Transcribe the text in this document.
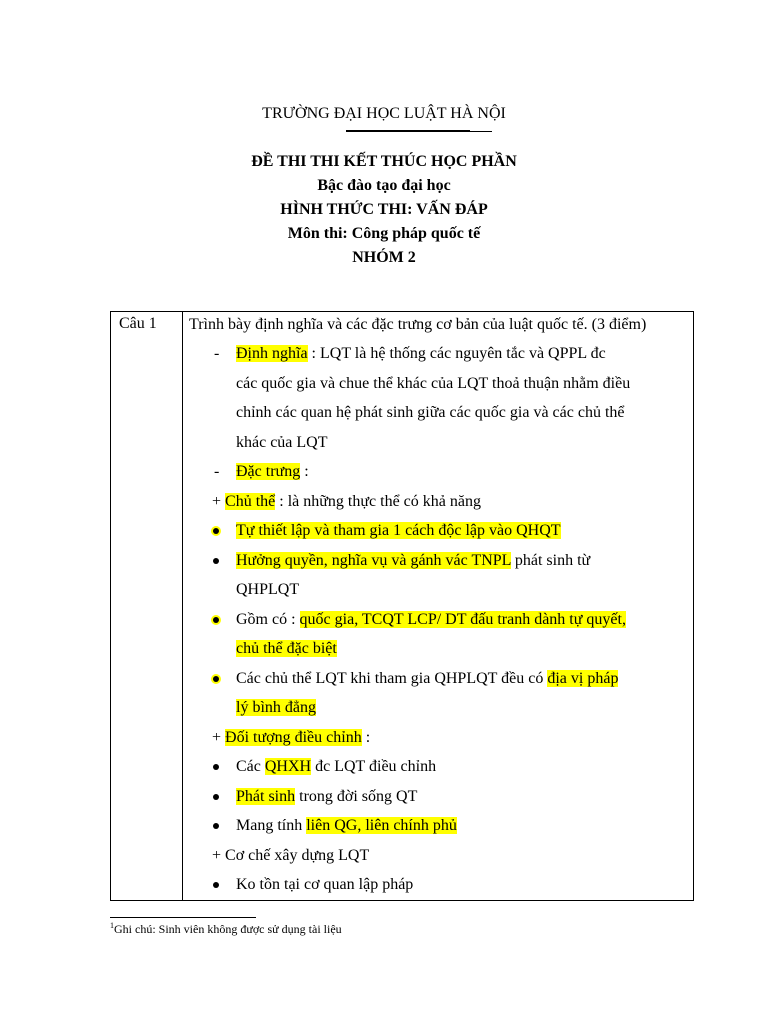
TRƯỜNG ĐẠI HỌC LUẬT HÀ NỘI
ĐỀ THI THI KẾT THÚC HỌC PHẦN
Bậc đào tạo đại học
HÌNH THỨC THI: VẤN ĐÁP
Môn thi: Công pháp quốc tế
NHÓM 2
Câu 1	Trình bày định nghĩa và các đặc trưng cơ bản của luật quốc tế. (3 điểm)
- Định nghĩa : LQT là hệ thống các nguyên tắc và QPPL đc
các quốc gia và chue thể khác của LQT thoả thuận nhằm điều
chỉnh các quan hệ phát sinh giữa các quốc gia và các chủ thể
khác của LQT
- Đặc trưng :
+ Chủ thể : là những thực thể có khả năng
Tự thiết lập và tham gia 1 cách độc lập vào QHQT
Hưởng quyền, nghĩa vụ và gánh vác TNPL phát sinh từ
QHPLQT
Gồm có : quốc gia, TCQT LCP/ DT đấu tranh dành tự quyết,
chủ thể đặc biệt
Các chủ thể LQT khi tham gia QHPLQT đều có địa vị pháp
lý bình đẳng
+ Đối tượng điều chỉnh :
Các QHXH đc LQT điều chỉnh
Phát sinh trong đời sống QT
Mang tính liên QG, liên chính phủ
+ Cơ chế xây dựng LQT
Ko tồn tại cơ quan lập pháp
$^1$Ghi chú: Sinh viên không được sử dụng tài liệu
